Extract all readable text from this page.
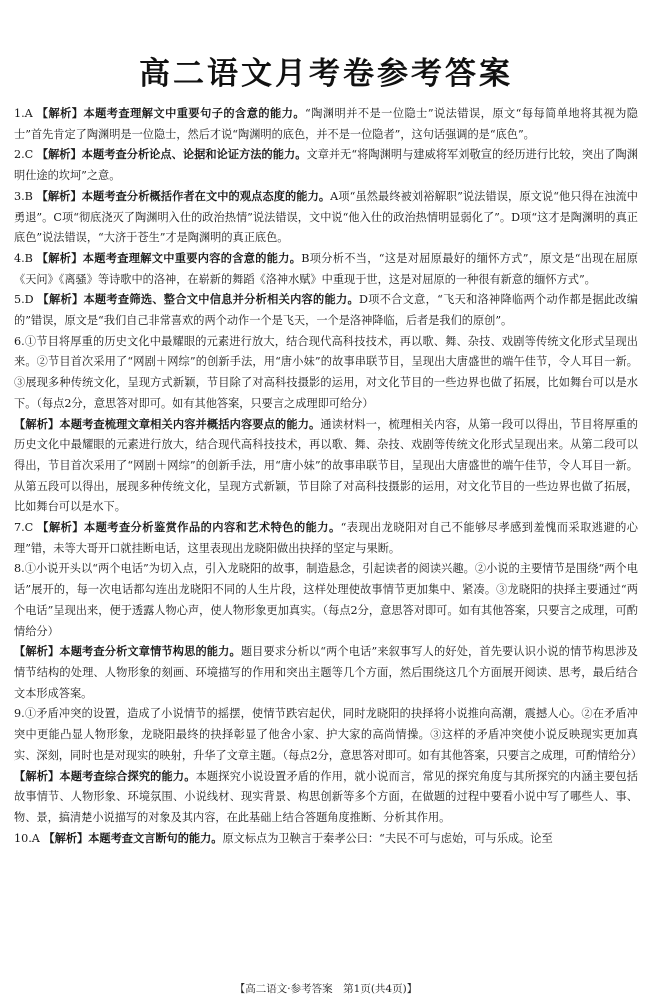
高二语文月考卷参考答案

1.A 【解析】本题考查理解文中重要句子的含意的能力。“陶渊明并不是一位隐士”说法错误，原文“每每简单地将其视为隐士”首先肯定了陶渊明是一位隐士，然后才说“陶渊明的底色，并不是一位隐者”，这句话强调的是“底色”。

2.C 【解析】本题考查分析论点、论据和论证方法的能力。文章并无“将陶渊明与建威将军刘敬宣的经历进行比较，突出了陶渊明仕途的坎坷”之意。

3.B 【解析】本题考查分析概括作者在文中的观点态度的能力。A项“虽然最终被刘裕解职”说法错误，原文说“他只得在浊流中勇退”。C项“彻底浇灭了陶渊明入仕的政治热情”说法错误，文中说“他入仕的政治热情明显弱化了”。D项“这才是陶渊明的真正底色”说法错误，“大济于苍生”才是陶渊明的真正底色。

4.B 【解析】本题考查理解文中重要内容的含意的能力。B项分析不当，“这是对屈原最好的缅怀方式”，原文是“出现在屈原《天问》《离骚》等诗歌中的洛神，在崭新的舞蹈《洛神水赋》中重现于世，这是对屈原的一种很有新意的缅怀方式”。

5.D 【解析】本题考查筛选、整合文中信息并分析相关内容的能力。D项不合文意，“飞天和洛神降临两个动作都是据此改编的”错误，原文是“我们自己非常喜欢的两个动作一个是飞天，一个是洛神降临，后者是我们的原创”。

6.①节目将厚重的历史文化中最耀眼的元素进行放大，结合现代高科技技术，再以歌、舞、杂技、戏剧等传统文化形式呈现出来。②节目首次采用了“网剧＋网综”的创新手法，用“唐小妹”的故事串联节目，呈现出大唐盛世的端午佳节，令人耳目一新。③展现多种传统文化，呈现方式新颖，节目除了对高科技摄影的运用，对文化节目的一些边界也做了拓展，比如舞台可以是水下。（每点2分，意思答对即可。如有其他答案，只要言之成理即可给分）

【解析】本题考查梳理文章相关内容并概括内容要点的能力。通读材料一，梳理相关内容，从第一段可以得出，节目将厚重的历史文化中最耀眼的元素进行放大，结合现代高科技技术，再以歌、舞、杂技、戏剧等传统文化形式呈现出来。从第二段可以得出，节目首次采用了“网剧＋网综”的创新手法，用“唐小妹”的故事串联节目，呈现出大唐盛世的端午佳节，令人耳目一新。从第五段可以得出，展现多种传统文化，呈现方式新颖，节目除了对高科技摄影的运用，对文化节目的一些边界也做了拓展，比如舞台可以是水下。

7.C 【解析】本题考查分析鉴赏作品的内容和艺术特色的能力。“表现出龙晓阳对自己不能够尽孝感到羞愧而采取逃避的心理”错，未等大哥开口就挂断电话，这里表现出龙晓阳做出抉择的坚定与果断。

8.①小说开头以“两个电话”为切入点，引入龙晓阳的故事，制造悬念，引起读者的阅读兴趣。②小说的主要情节是围绕“两个电话”展开的，每一次电话都勾连出龙晓阳不同的人生片段，这样处理使故事情节更加集中、紧凑。③龙晓阳的抉择主要通过“两个电话”呈现出来，便于透露人物心声，使人物形象更加真实。（每点2分，意思答对即可。如有其他答案，只要言之成理，可酌情给分）

【解析】本题考查分析文章情节构思的能力。题目要求分析以“两个电话”来叙事写人的好处，首先要认识小说的情节构思涉及情节结构的处理、人物形象的刻画、环境描写的作用和突出主题等几个方面，然后围绕这几个方面展开阅读、思考，最后结合文本形成答案。

9.①矛盾冲突的设置，造成了小说情节的摇摆，使情节跌宕起伏，同时龙晓阳的抉择将小说推向高潮，震撼人心。②在矛盾冲突中更能凸显人物形象，龙晓阳最终的抉择彰显了他舍小家、护大家的高尚情操。③这样的矛盾冲突使小说反映现实更加真实、深刻，同时也是对现实的映射，升华了文章主题。（每点2分，意思答对即可。如有其他答案，只要言之成理，可酌情给分）

【解析】本题考查综合探究的能力。本题探究小说设置矛盾的作用，就小说而言，常见的探究角度与其所探究的内涵主要包括故事情节、人物形象、环境氛围、小说线材、现实背景、构思创新等多个方面，在做题的过程中要看小说中写了哪些人、事、物、景，搞清楚小说描写的对象及其内容，在此基础上结合答题角度推断、分析其作用。

10.A 【解析】本题考查文言断句的能力。原文标点为卫鞅言于秦孝公曰：“夫民不可与虑始，可与乐成。论至

【高二语文·参考答案　第1页(共4页)】
